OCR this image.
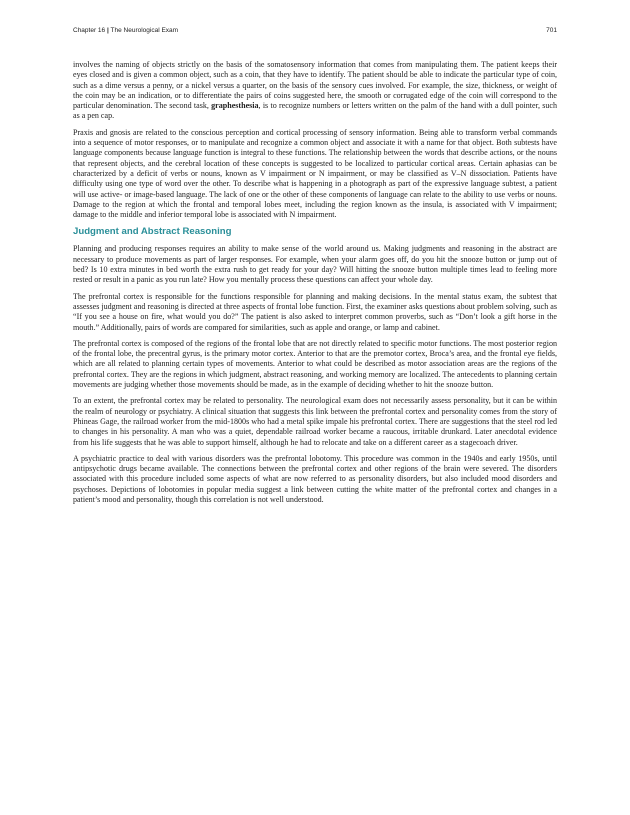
Chapter 16 | The Neurological Exam	701

involves the naming of objects strictly on the basis of the somatosensory information that comes from manipulating them. The patient keeps their eyes closed and is given a common object, such as a coin, that they have to identify. The patient should be able to indicate the particular type of coin, such as a dime versus a penny, or a nickel versus a quarter, on the basis of the sensory cues involved. For example, the size, thickness, or weight of the coin may be an indication, or to differentiate the pairs of coins suggested here, the smooth or corrugated edge of the coin will correspond to the particular denomination. The second task, graphesthesia, is to recognize numbers or letters written on the palm of the hand with a dull pointer, such as a pen cap.

Praxis and gnosis are related to the conscious perception and cortical processing of sensory information. Being able to transform verbal commands into a sequence of motor responses, or to manipulate and recognize a common object and associate it with a name for that object. Both subtests have language components because language function is integral to these functions. The relationship between the words that describe actions, or the nouns that represent objects, and the cerebral location of these concepts is suggested to be localized to particular cortical areas. Certain aphasias can be characterized by a deficit of verbs or nouns, known as V impairment or N impairment, or may be classified as V–N dissociation. Patients have difficulty using one type of word over the other. To describe what is happening in a photograph as part of the expressive language subtest, a patient will use active- or image-based language. The lack of one or the other of these components of language can relate to the ability to use verbs or nouns. Damage to the region at which the frontal and temporal lobes meet, including the region known as the insula, is associated with V impairment; damage to the middle and inferior temporal lobe is associated with N impairment.

Judgment and Abstract Reasoning

Planning and producing responses requires an ability to make sense of the world around us. Making judgments and reasoning in the abstract are necessary to produce movements as part of larger responses. For example, when your alarm goes off, do you hit the snooze button or jump out of bed? Is 10 extra minutes in bed worth the extra rush to get ready for your day? Will hitting the snooze button multiple times lead to feeling more rested or result in a panic as you run late? How you mentally process these questions can affect your whole day.

The prefrontal cortex is responsible for the functions responsible for planning and making decisions. In the mental status exam, the subtest that assesses judgment and reasoning is directed at three aspects of frontal lobe function. First, the examiner asks questions about problem solving, such as “If you see a house on fire, what would you do?” The patient is also asked to interpret common proverbs, such as “Don’t look a gift horse in the mouth.” Additionally, pairs of words are compared for similarities, such as apple and orange, or lamp and cabinet.

The prefrontal cortex is composed of the regions of the frontal lobe that are not directly related to specific motor functions. The most posterior region of the frontal lobe, the precentral gyrus, is the primary motor cortex. Anterior to that are the premotor cortex, Broca’s area, and the frontal eye fields, which are all related to planning certain types of movements. Anterior to what could be described as motor association areas are the regions of the prefrontal cortex. They are the regions in which judgment, abstract reasoning, and working memory are localized. The antecedents to planning certain movements are judging whether those movements should be made, as in the example of deciding whether to hit the snooze button.

To an extent, the prefrontal cortex may be related to personality. The neurological exam does not necessarily assess personality, but it can be within the realm of neurology or psychiatry. A clinical situation that suggests this link between the prefrontal cortex and personality comes from the story of Phineas Gage, the railroad worker from the mid-1800s who had a metal spike impale his prefrontal cortex. There are suggestions that the steel rod led to changes in his personality. A man who was a quiet, dependable railroad worker became a raucous, irritable drunkard. Later anecdotal evidence from his life suggests that he was able to support himself, although he had to relocate and take on a different career as a stagecoach driver.

A psychiatric practice to deal with various disorders was the prefrontal lobotomy. This procedure was common in the 1940s and early 1950s, until antipsychotic drugs became available. The connections between the prefrontal cortex and other regions of the brain were severed. The disorders associated with this procedure included some aspects of what are now referred to as personality disorders, but also included mood disorders and psychoses. Depictions of lobotomies in popular media suggest a link between cutting the white matter of the prefrontal cortex and changes in a patient’s mood and personality, though this correlation is not well understood.
